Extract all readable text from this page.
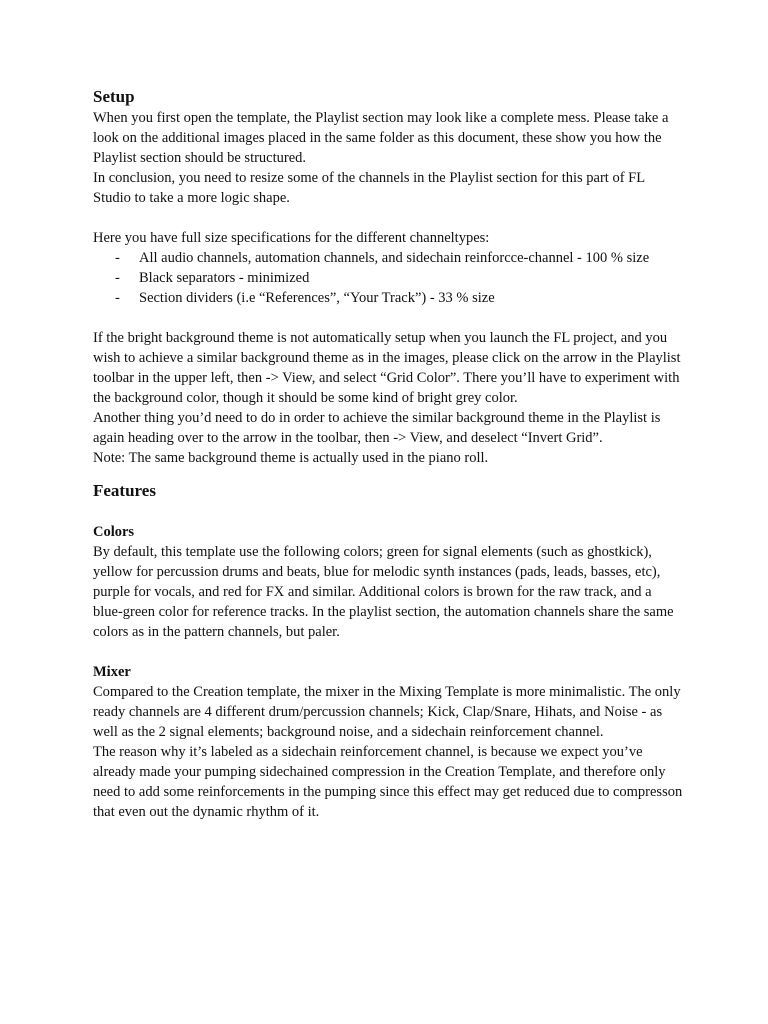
Setup

When you first open the template, the Playlist section may look like a complete mess. Please take a look on the additional images placed in the same folder as this document, these show you how the Playlist section should be structured.

In conclusion, you need to resize some of the channels in the Playlist section for this part of FL Studio to take a more logic shape.

Here you have full size specifications for the different channeltypes:

- All audio channels, automation channels, and sidechain reinforcce-channel - 100 % size
- Black separators - minimized
- Section dividers (i.e “References”, “Your Track”) - 33 % size

If the bright background theme is not automatically setup when you launch the FL project, and you wish to achieve a similar background theme as in the images, please click on the arrow in the Playlist toolbar in the upper left, then -> View, and select “Grid Color”. There you’ll have to experiment with the background color, though it should be some kind of bright grey color.

Another thing you’d need to do in order to achieve the similar background theme in the Playlist is again heading over to the arrow in the toolbar, then -> View, and deselect “Invert Grid”.

Note: The same background theme is actually used in the piano roll.

Features
Colors

By default, this template use the following colors; green for signal elements (such as ghostkick), yellow for percussion drums and beats, blue for melodic synth instances (pads, leads, basses, etc), purple for vocals, and red for FX and similar. Additional colors is brown for the raw track, and a blue-green color for reference tracks. In the playlist section, the automation channels share the same colors as in the pattern channels, but paler.

Mixer

Compared to the Creation template, the mixer in the Mixing Template is more minimalistic. The only ready channels are 4 different drum/percussion channels; Kick, Clap/Snare, Hihats, and Noise - as well as the 2 signal elements; background noise, and a sidechain reinforcement channel.

The reason why it’s labeled as a sidechain reinforcement channel, is because we expect you’ve already made your pumping sidechained compression in the Creation Template, and therefore only need to add some reinforcements in the pumping since this effect may get reduced due to compresson that even out the dynamic rhythm of it.
